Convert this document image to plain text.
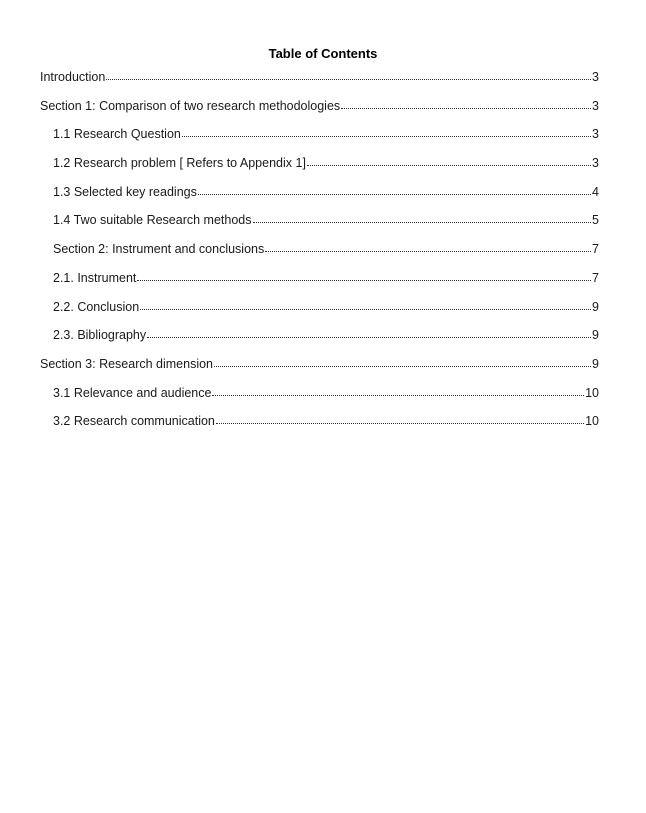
Table of Contents
Introduction	3
Section 1: Comparison of two research methodologies	3
1.1 Research Question	3
1.2 Research problem [ Refers to Appendix 1]	3
1.3 Selected key readings	4
1.4 Two suitable Research methods	5
Section 2: Instrument and conclusions	7
2.1. Instrument	7
2.2. Conclusion	9
2.3. Bibliography	9
Section 3: Research dimension	9
3.1 Relevance and audience	10
3.2 Research communication	10
